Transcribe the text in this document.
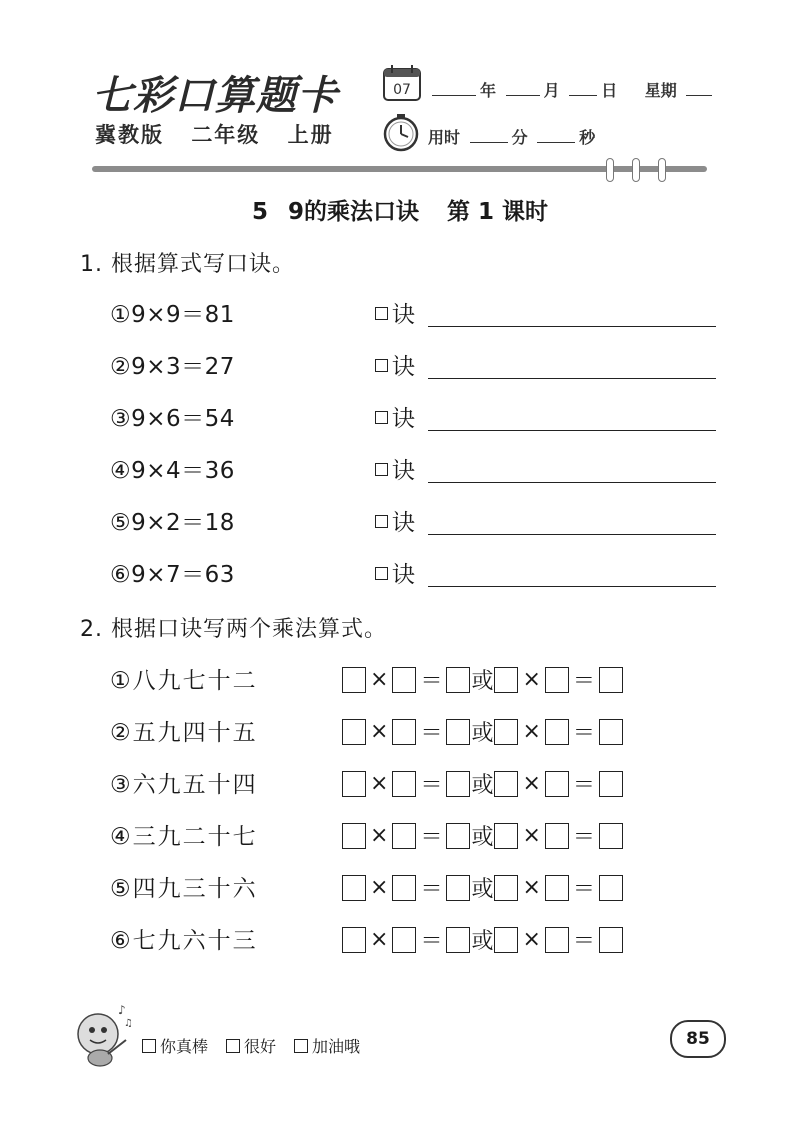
七彩口算题卡
冀教版 二年级 上册
07	年	月	日 星期
用时	分	秒
5 9的乘法口诀 第 1 课时
1. 根据算式写口诀。
①9×9＝81	诀
②9×3＝27	诀
③9×6＝54	诀
④9×4＝36	诀
⑤9×2＝18	诀
⑥9×7＝63	诀
2. 根据口诀写两个乘法算式。
①八九七十二	× ＝ 或 × ＝
②五九四十五	× ＝ 或 × ＝
③六九五十四	× ＝ 或 × ＝
④三九二十七	× ＝ 或 × ＝
⑤四九三十六	× ＝ 或 × ＝
⑥七九六十三	× ＝ 或 × ＝
♪
♫
你真棒 很好 加油哦	85
